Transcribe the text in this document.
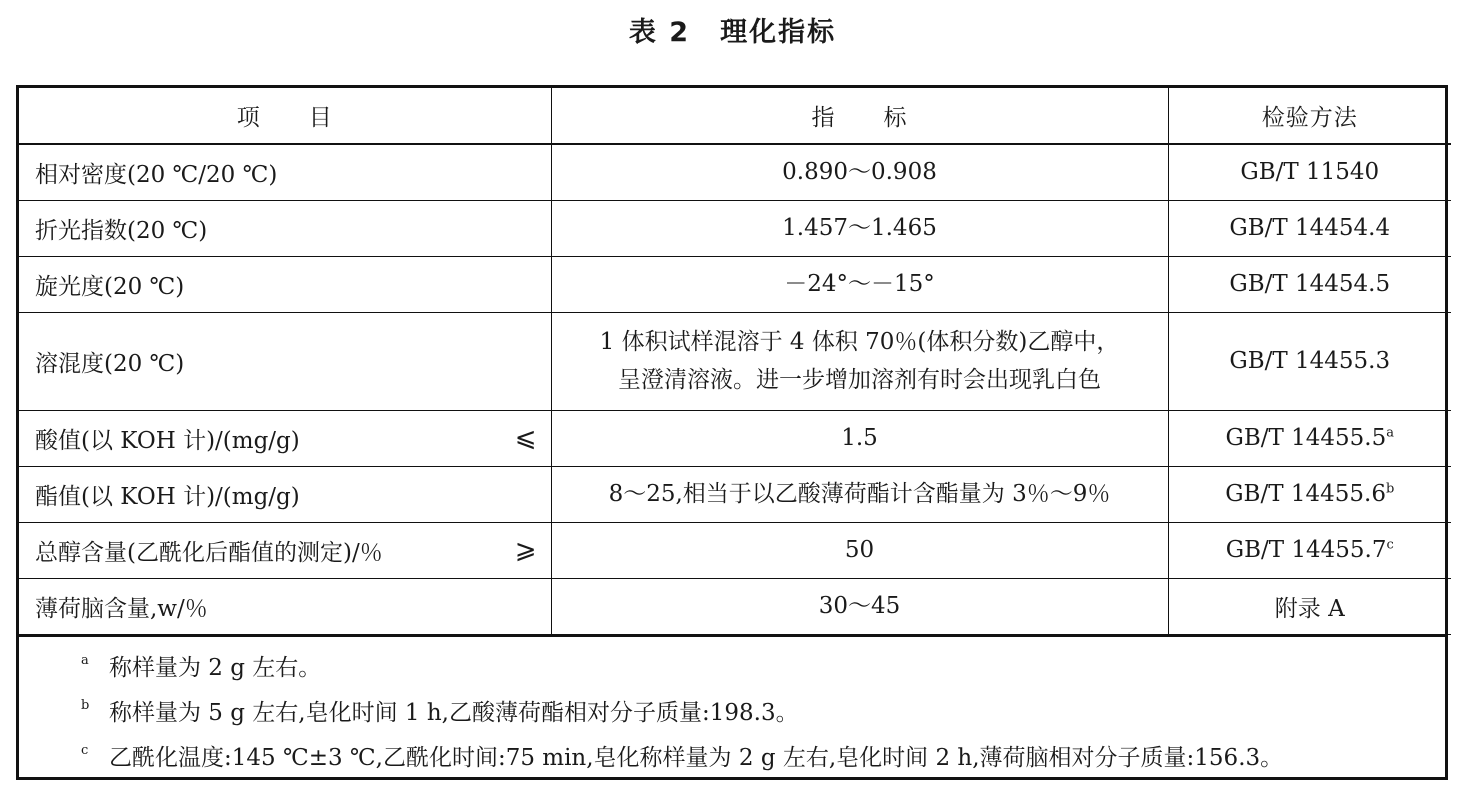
表 2 理化指标
项　　目	指　　标	检验方法
相对密度(20 ℃/20 ℃)	0.890～0.908	GB/T 11540
折光指数(20 ℃)	1.457～1.465	GB/T 14454.4
旋光度(20 ℃)	－24°～－15°	GB/T 14454.5
溶混度(20 ℃)	1 体积试样混溶于 4 体积 70％(体积分数)乙醇中，
呈澄清溶液。进一步增加溶剂有时会出现乳白色	GB/T 14455.3
酸值(以 KOH 计)/(mg/g) ⩽	1.5	GB/T 14455.5$^a$
酯值(以 KOH 计)/(mg/g)	8～25,相当于以乙酸薄荷酯计含酯量为 3％～9％	GB/T 14455.6$^b$
总醇含量(乙酰化后酯值的测定)/％ ⩾	50	GB/T 14455.7$^c$
薄荷脑含量,w/％	30～45	附录 A
a 称样量为 2 g 左右。
b 称样量为 5 g 左右,皂化时间 1 h,乙酸薄荷酯相对分子质量:198.3。
c 乙酰化温度:145 ℃±3 ℃,乙酰化时间:75 min,皂化称样量为 2 g 左右,皂化时间 2 h,薄荷脑相对分子质量:156.3。
